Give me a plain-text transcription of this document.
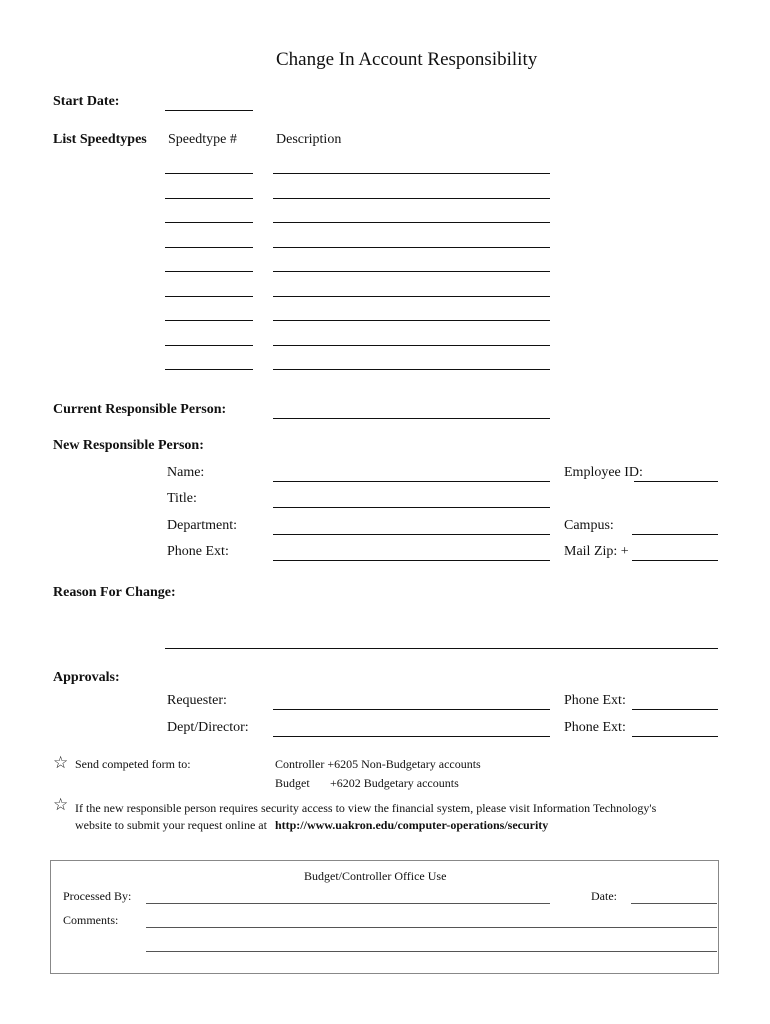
Change In Account Responsibility
Start Date:
List Speedtypes Speedtype #	Description
Current Responsible Person:
New Responsible Person:
Name:	Employee ID:
Title:
Department:	Campus:
Phone Ext:	Mail Zip: +
Reason For Change:
Approvals:
Requester:	Phone Ext:
Dept/Director:	Phone Ext:
☆ Send competed form to:	Controller +6205 Non-Budgetary accounts
Budget +6202 Budgetary accounts
☆ If the new responsible person requires security access to view the financial system, please visit Information Technology's
website to submit your request online at http://www.uakron.edu/computer-operations/security
Budget/Controller Office Use
Processed By:	Date:
Comments:
